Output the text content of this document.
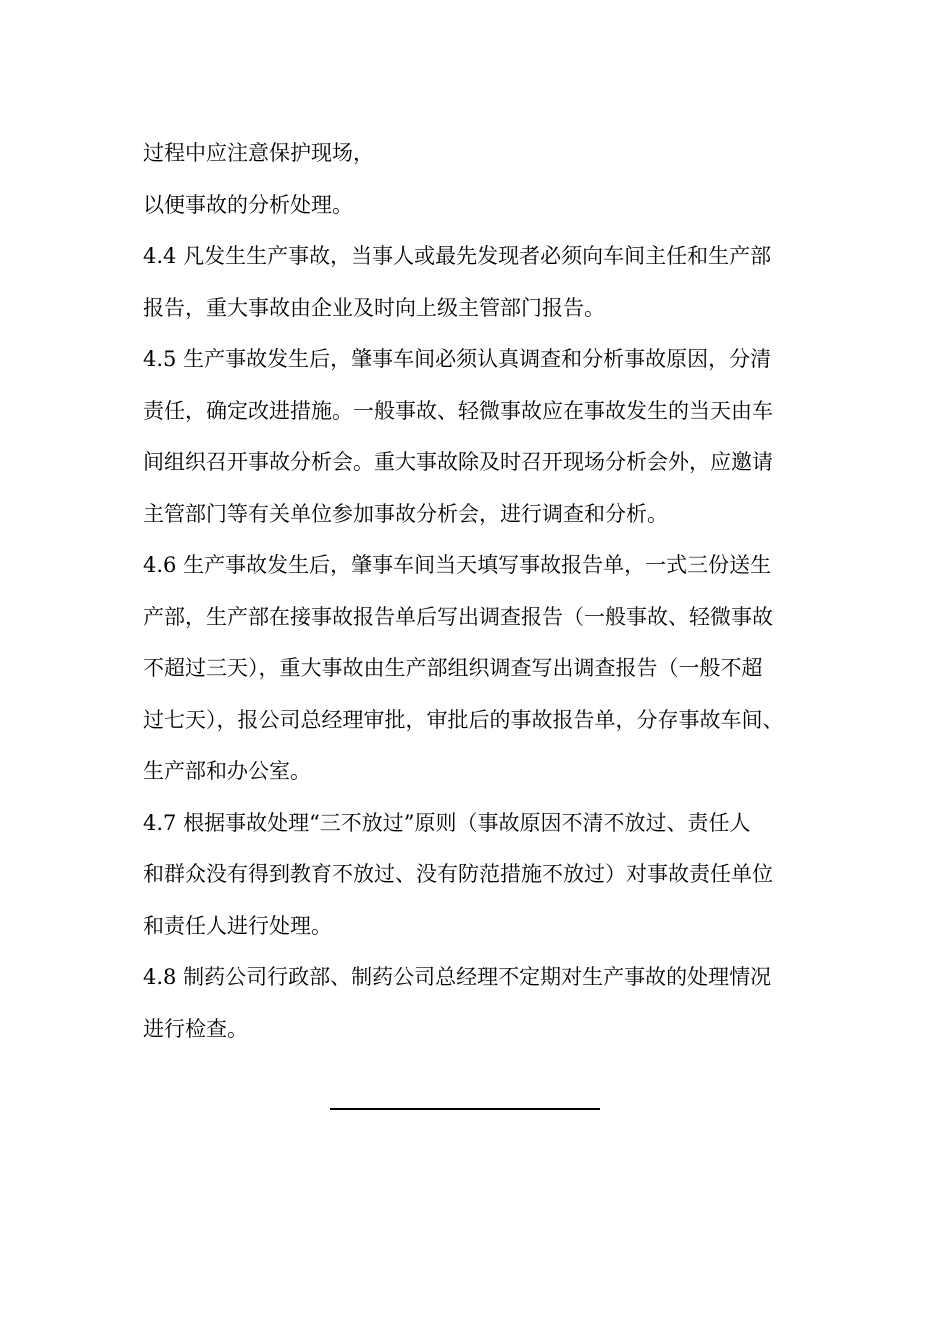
过程中应注意保护现场，
以便事故的分析处理。
4.4 凡发生生产事故，当事人或最先发现者必须向车间主任和生产部
报告，重大事故由企业及时向上级主管部门报告。
4.5 生产事故发生后，肇事车间必须认真调查和分析事故原因，分清
责任，确定改进措施。一般事故、轻微事故应在事故发生的当天由车
间组织召开事故分析会。重大事故除及时召开现场分析会外，应邀请
主管部门等有关单位参加事故分析会，进行调查和分析。
4.6 生产事故发生后，肇事车间当天填写事故报告单，一式三份送生
产部，生产部在接事故报告单后写出调查报告（一般事故、轻微事故
不超过三天），重大事故由生产部组织调查写出调查报告（一般不超
过七天），报公司总经理审批，审批后的事故报告单，分存事故车间、
生产部和办公室。
4.7 根据事故处理“三不放过”原则（事故原因不清不放过、责任人
和群众没有得到教育不放过、没有防范措施不放过）对事故责任单位
和责任人进行处理。
4.8 制药公司行政部、制药公司总经理不定期对生产事故的处理情况
进行检查。
